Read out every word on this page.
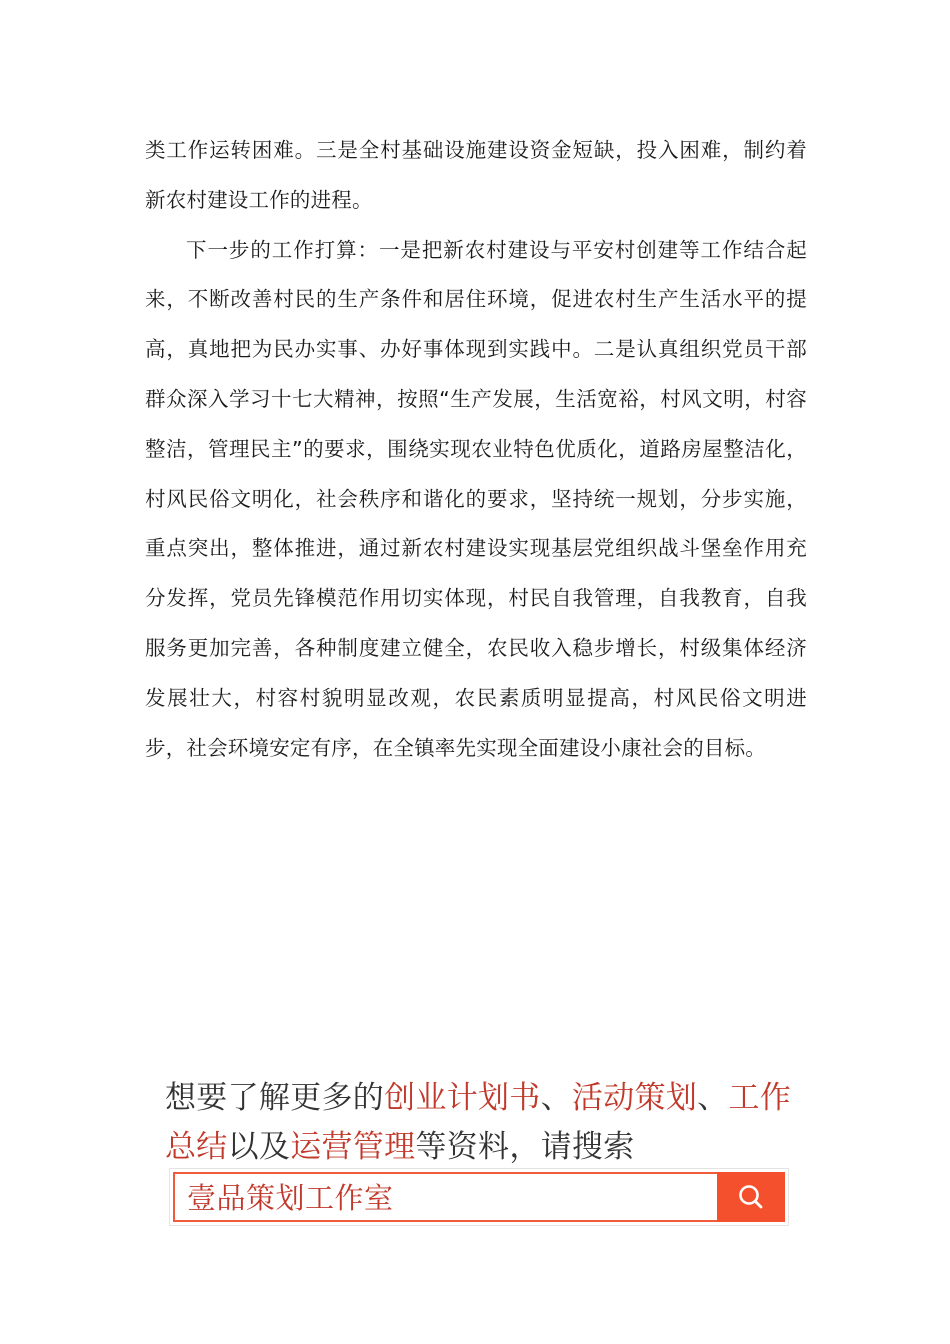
类工作运转困难。三是全村基础设施建设资金短缺，投入困难，制约着新农村建设工作的进程。

下一步的工作打算：一是把新农村建设与平安村创建等工作结合起来，不断改善村民的生产条件和居住环境，促进农村生产生活水平的提高，真地把为民办实事、办好事体现到实践中。二是认真组织党员干部群众深入学习十七大精神，按照“生产发展，生活宽裕，村风文明，村容整洁，管理民主”的要求，围绕实现农业特色优质化，道路房屋整洁化，村风民俗文明化，社会秩序和谐化的要求，坚持统一规划，分步实施，重点突出，整体推进，通过新农村建设实现基层党组织战斗堡垒作用充分发挥，党员先锋模范作用切实体现，村民自我管理，自我教育，自我服务更加完善，各种制度建立健全，农民收入稳步增长，村级集体经济发展壮大，村容村貌明显改观，农民素质明显提高，村风民俗文明进步，社会环境安定有序，在全镇率先实现全面建设小康社会的目标。

想要了解更多的创业计划书、活动策划、工作总结以及运营管理等资料，请搜索
壹品策划工作室
